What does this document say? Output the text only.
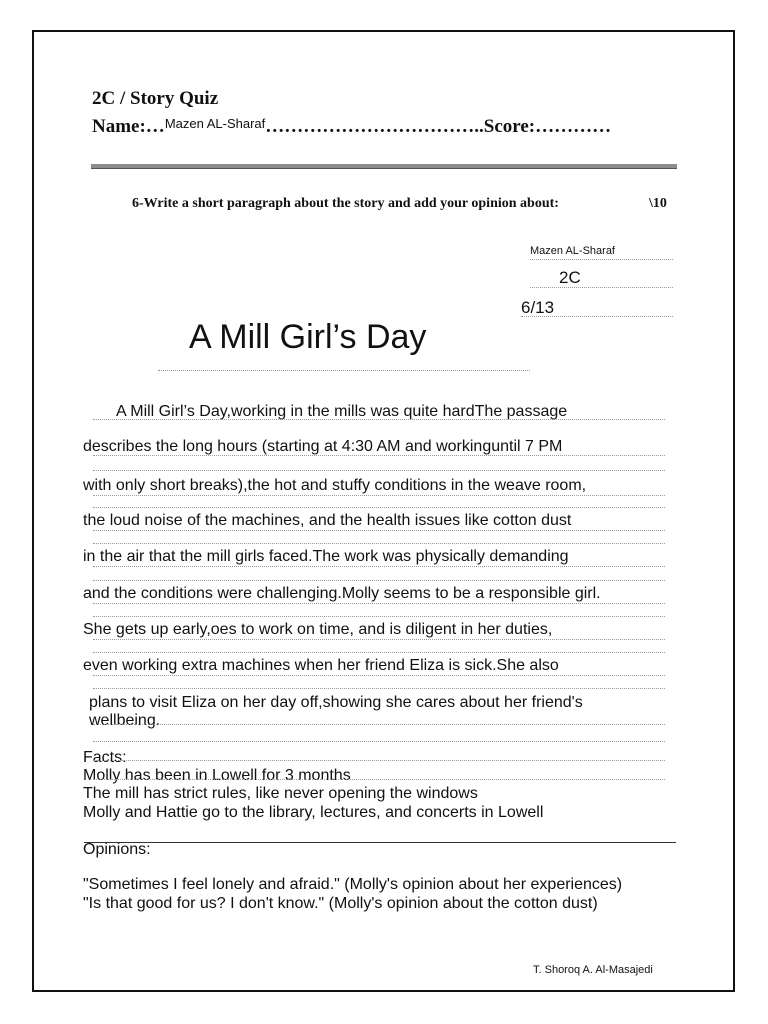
2C / Story Quiz
Name:…$^{Mazen AL-Sharaf}$……………………………..Score:…………
6-Write a short paragraph about the story and add your opinion about:	\10
Mazen AL-Sharaf
2C
6/13
A Mill Girl’s Day
A Mill Girl’s Day,working in the mills was quite hardThe passage
describes the long hours (starting at 4:30 AM and workinguntil 7 PM
with only short breaks),the hot and stuffy conditions in the weave room,
the loud noise of the machines, and the health issues like cotton dust
in the air that the mill girls faced.The work was physically demanding
and the conditions were challenging.Molly seems to be a responsible girl.
She gets up early,oes to work on time, and is diligent in her duties,
even working extra machines when her friend Eliza is sick.She also
plans to visit Eliza on her day off,showing she cares about her friend's
wellbeing.
Facts:
Molly has been in Lowell for 3 months
The mill has strict rules, like never opening the windows
Molly and Hattie go to the library, lectures, and concerts in Lowell
Opinions:
"Sometimes I feel lonely and afraid." (Molly's opinion about her experiences)
"Is that good for us? I don't know." (Molly's opinion about the cotton dust)
T. Shoroq A. Al-Masajedi
